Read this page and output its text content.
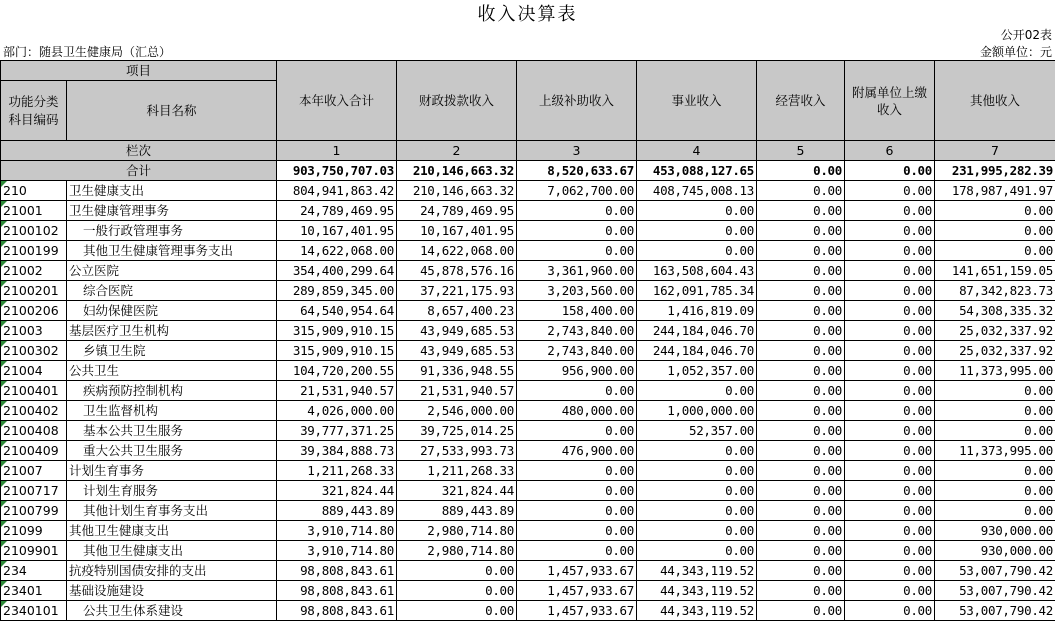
收入决算表
公开02表
部门：随县卫生健康局（汇总）	金额单位：元
项目		本年收入合计	财政拨款收入	上级补助收入	事业收入	经营收入	附属单位上缴收入	其他收入
功能分类
科目编码	科目名称							
栏次		1	2	3	4	5	6	7
合计		903,750,707.03	210,146,663.32	8,520,633.67	453,088,127.65	0.00	0.00	231,995,282.39
210	卫生健康支出	804,941,863.42	210,146,663.32	7,062,700.00	408,745,008.13	0.00	0.00	178,987,491.97
21001	卫生健康管理事务	24,789,469.95	24,789,469.95	0.00	0.00	0.00	0.00	0.00
2100102	一般行政管理事务	10,167,401.95	10,167,401.95	0.00	0.00	0.00	0.00	0.00
2100199	其他卫生健康管理事务支出	14,622,068.00	14,622,068.00	0.00	0.00	0.00	0.00	0.00
21002	公立医院	354,400,299.64	45,878,576.16	3,361,960.00	163,508,604.43	0.00	0.00	141,651,159.05
2100201	综合医院	289,859,345.00	37,221,175.93	3,203,560.00	162,091,785.34	0.00	0.00	87,342,823.73
2100206	妇幼保健医院	64,540,954.64	8,657,400.23	158,400.00	1,416,819.09	0.00	0.00	54,308,335.32
21003	基层医疗卫生机构	315,909,910.15	43,949,685.53	2,743,840.00	244,184,046.70	0.00	0.00	25,032,337.92
2100302	乡镇卫生院	315,909,910.15	43,949,685.53	2,743,840.00	244,184,046.70	0.00	0.00	25,032,337.92
21004	公共卫生	104,720,200.55	91,336,948.55	956,900.00	1,052,357.00	0.00	0.00	11,373,995.00
2100401	疾病预防控制机构	21,531,940.57	21,531,940.57	0.00	0.00	0.00	0.00	0.00
2100402	卫生监督机构	4,026,000.00	2,546,000.00	480,000.00	1,000,000.00	0.00	0.00	0.00
2100408	基本公共卫生服务	39,777,371.25	39,725,014.25	0.00	52,357.00	0.00	0.00	0.00
2100409	重大公共卫生服务	39,384,888.73	27,533,993.73	476,900.00	0.00	0.00	0.00	11,373,995.00
21007	计划生育事务	1,211,268.33	1,211,268.33	0.00	0.00	0.00	0.00	0.00
2100717	计划生育服务	321,824.44	321,824.44	0.00	0.00	0.00	0.00	0.00
2100799	其他计划生育事务支出	889,443.89	889,443.89	0.00	0.00	0.00	0.00	0.00
21099	其他卫生健康支出	3,910,714.80	2,980,714.80	0.00	0.00	0.00	0.00	930,000.00
2109901	其他卫生健康支出	3,910,714.80	2,980,714.80	0.00	0.00	0.00	0.00	930,000.00
234	抗疫特别国债安排的支出	98,808,843.61	0.00	1,457,933.67	44,343,119.52	0.00	0.00	53,007,790.42
23401	基础设施建设	98,808,843.61	0.00	1,457,933.67	44,343,119.52	0.00	0.00	53,007,790.42
2340101	公共卫生体系建设	98,808,843.61	0.00	1,457,933.67	44,343,119.52	0.00	0.00	53,007,790.42
